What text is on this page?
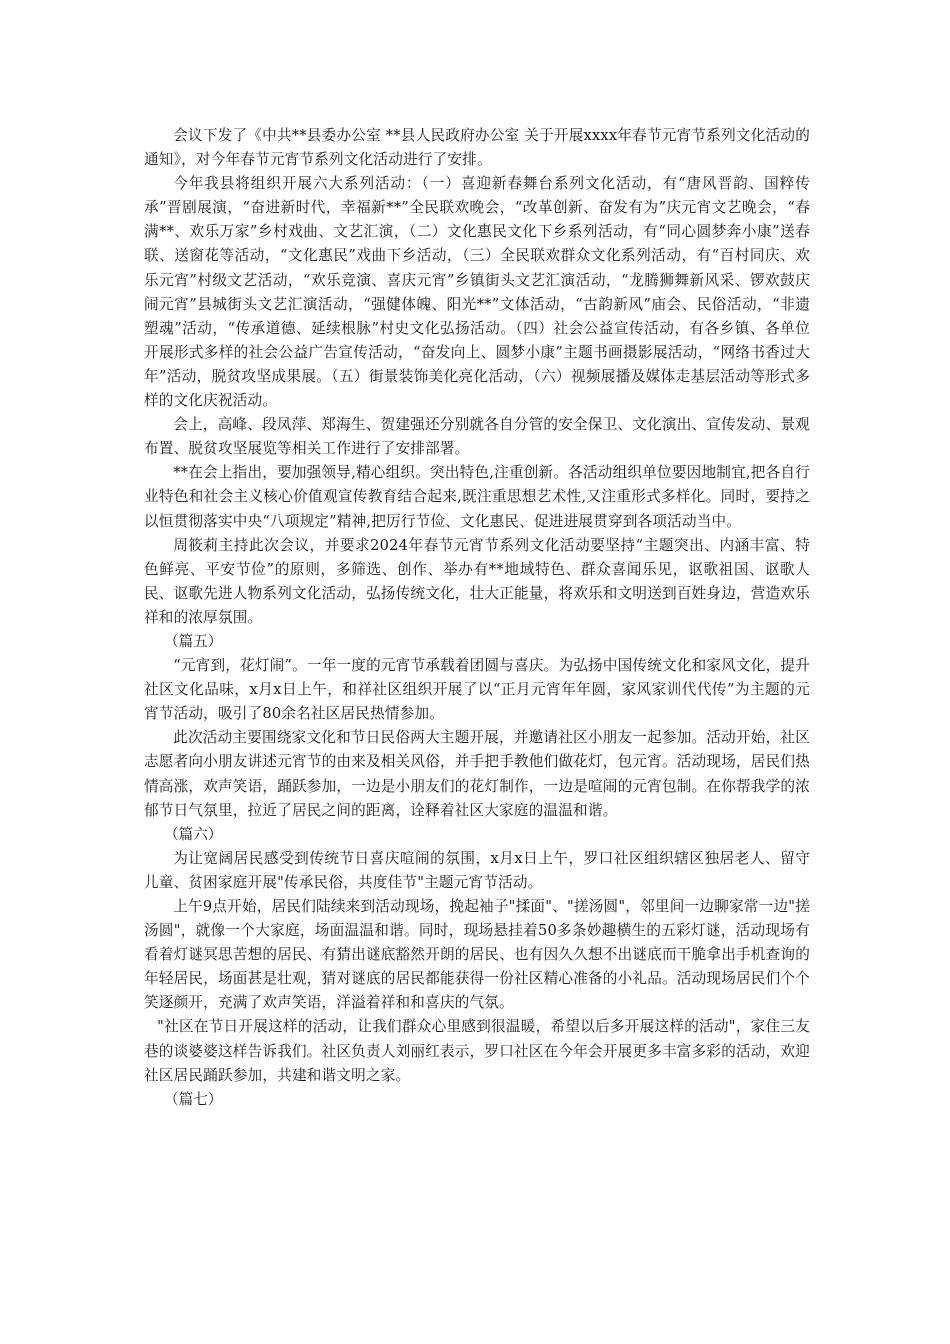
会议下发了《中共**县委办公室 **县人民政府办公室 关于开展xxxx年春节元宵节系列文化活动的通知》，对今年春节元宵节系列文化活动进行了安排。

今年我县将组织开展六大系列活动：（一）喜迎新春舞台系列文化活动，有“唐风晋韵、国粹传承”晋剧展演，“奋进新时代，幸福新**”全民联欢晚会，“改革创新、奋发有为”庆元宵文艺晚会，“春满**、欢乐万家”乡村戏曲、文艺汇演，（二）文化惠民文化下乡系列活动，有“同心圆梦奔小康”送春联、送窗花等活动，“文化惠民”戏曲下乡活动，（三）全民联欢群众文化系列活动，有“百村同庆、欢乐元宵”村级文艺活动，“欢乐竞演、喜庆元宵”乡镇街头文艺汇演活动，“龙腾狮舞新风采、锣欢鼓庆闹元宵”县城街头文艺汇演活动，“强健体魄、阳光**”文体活动，“古韵新风”庙会、民俗活动，“非遗塑魂”活动，“传承道德、延续根脉”村史文化弘扬活动。（四）社会公益宣传活动，有各乡镇、各单位开展形式多样的社会公益广告宣传活动，“奋发向上、圆梦小康”主题书画摄影展活动，“网络书香过大年”活动，脱贫攻坚成果展。（五）街景装饰美化亮化活动，（六）视频展播及媒体走基层活动等形式多样的文化庆祝活动。

会上，高峰、段凤萍、郑海生、贺建强还分别就各自分管的安全保卫、文化演出、宣传发动、景观布置、脱贫攻坚展览等相关工作进行了安排部署。

**在会上指出，要加强领导,精心组织。突出特色,注重创新。各活动组织单位要因地制宜,把各自行业特色和社会主义核心价值观宣传教育结合起来,既注重思想艺术性,又注重形式多样化。同时，要持之以恒贯彻落实中央“八项规定”精神,把厉行节俭、文化惠民、促进进展贯穿到各项活动当中。

周筱莉主持此次会议，并要求2024年春节元宵节系列文化活动要坚持“主题突出、内涵丰富、特色鲜亮、平安节俭”的原则，多筛选、创作、举办有**地域特色、群众喜闻乐见，讴歌祖国、讴歌人民、讴歌先进人物系列文化活动，弘扬传统文化，壮大正能量，将欢乐和文明送到百姓身边，营造欢乐祥和的浓厚氛围。

（篇五）

“元宵到，花灯闹”。一年一度的元宵节承载着团圆与喜庆。为弘扬中国传统文化和家风文化，提升社区文化品味，x月x日上午，和祥社区组织开展了以“正月元宵年年圆，家风家训代代传”为主题的元宵节活动，吸引了80余名社区居民热情参加。

此次活动主要围绕家文化和节日民俗两大主题开展，并邀请社区小朋友一起参加。活动开始，社区志愿者向小朋友讲述元宵节的由来及相关风俗，并手把手教他们做花灯，包元宵。活动现场，居民们热情高涨，欢声笑语，踊跃参加，一边是小朋友们的花灯制作，一边是喧闹的元宵包制。在你帮我学的浓郁节日气氛里，拉近了居民之间的距离，诠释着社区大家庭的温温和谐。

（篇六）

为让宽阔居民感受到传统节日喜庆喧闹的氛围，x月x日上午，罗口社区组织辖区独居老人、留守儿童、贫困家庭开展"传承民俗，共度佳节"主题元宵节活动。

上午9点开始，居民们陆续来到活动现场，挽起袖子"揉面"、"搓汤圆"，邻里间一边聊家常一边"搓汤圆"，就像一个大家庭，场面温温和谐。同时，现场悬挂着50多条妙趣横生的五彩灯谜，活动现场有看着灯谜冥思苦想的居民、有猜出谜底豁然开朗的居民、也有因久久想不出谜底而干脆拿出手机查询的年轻居民，场面甚是壮观，猜对谜底的居民都能获得一份社区精心准备的小礼品。活动现场居民们个个笑逐颜开，充满了欢声笑语，洋溢着祥和和喜庆的气氛。

"社区在节日开展这样的活动，让我们群众心里感到很温暖，希望以后多开展这样的活动"，家住三友巷的谈婆婆这样告诉我们。社区负责人刘丽红表示，罗口社区在今年会开展更多丰富多彩的活动，欢迎社区居民踊跃参加，共建和谐文明之家。

（篇七）
